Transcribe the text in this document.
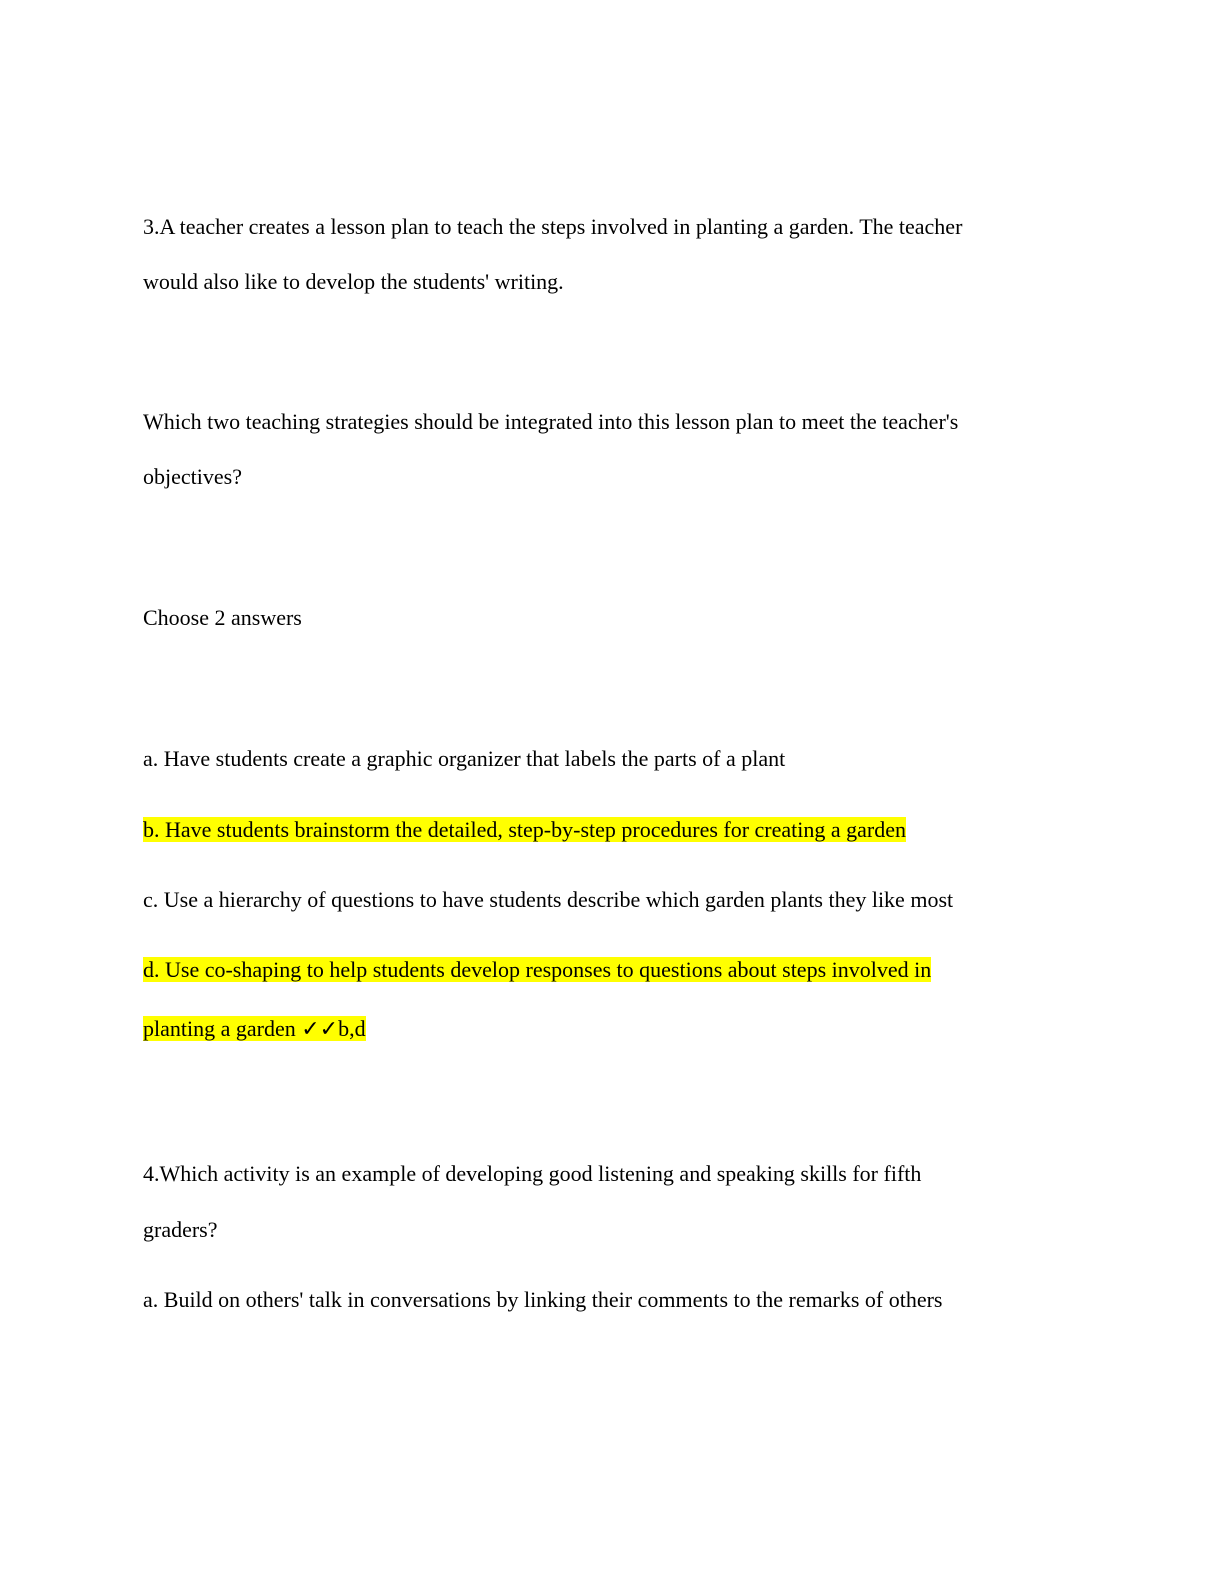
3.A teacher creates a lesson plan to teach the steps involved in planting a garden. The teacher
would also like to develop the students' writing.
Which two teaching strategies should be integrated into this lesson plan to meet the teacher's
objectives?
Choose 2 answers
a. Have students create a graphic organizer that labels the parts of a plant
b. Have students brainstorm the detailed, step-by-step procedures for creating a garden
c. Use a hierarchy of questions to have students describe which garden plants they like most
d. Use co-shaping to help students develop responses to questions about steps involved in
planting a garden ✓✓b,d
4.Which activity is an example of developing good listening and speaking skills for fifth
graders?
a. Build on others' talk in conversations by linking their comments to the remarks of others
